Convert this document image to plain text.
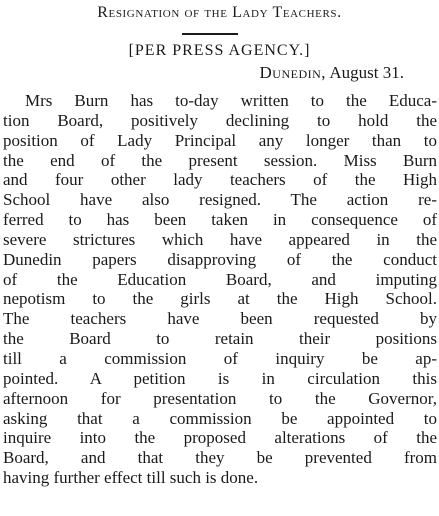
Resignation of the Lady Teachers.
[PER PRESS AGENCY.]
Dunedin, August 31.
Mrs Burn has to-day written to the Educa-
tion Board, positively declining to hold the
position of Lady Principal any longer than to
the end of the present session. Miss Burn
and four other lady teachers of the High
School have also resigned. The action re-
ferred to has been taken in consequence of
severe strictures which have appeared in the
Dunedin papers disapproving of the conduct
of the Education Board, and imputing
nepotism to the girls at the High School.
The teachers have been requested by
the Board to retain their positions
till a commission of inquiry be ap-
pointed. A petition is in circulation this
afternoon for presentation to the Governor,
asking that a commission be appointed to
inquire into the proposed alterations of the
Board, and that they be prevented from
having further effect till such is done.
